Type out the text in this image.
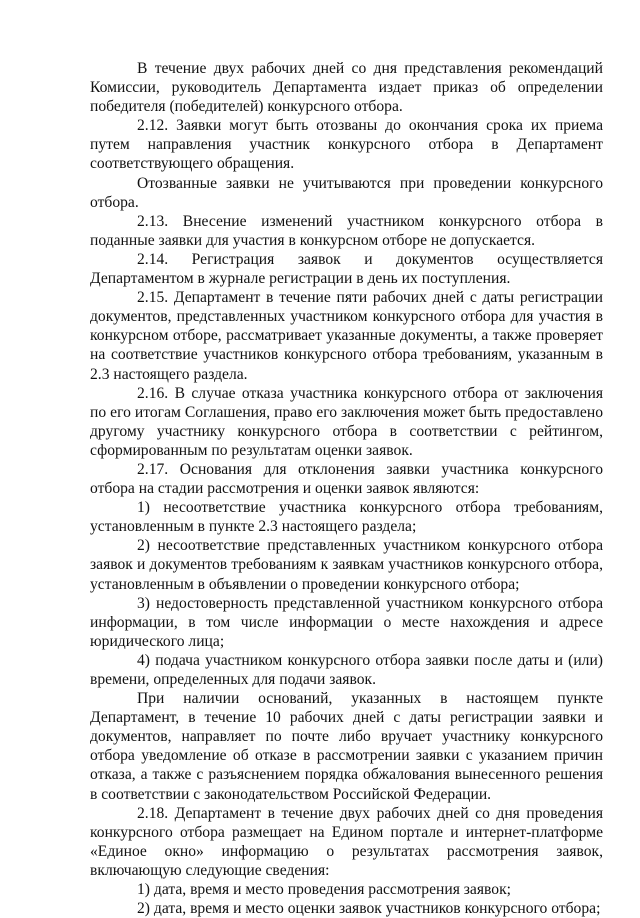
В течение двух рабочих дней со дня представления рекомендаций Комиссии, руководитель Департамента издает приказ об определении победителя (победителей) конкурсного отбора.

2.12. Заявки могут быть отозваны до окончания срока их приема путем направления участник конкурсного отбора в Департамент соответствующего обращения.

Отозванные заявки не учитываются при проведении конкурсного отбора.

2.13. Внесение изменений участником конкурсного отбора в поданные заявки для участия в конкурсном отборе не допускается.

2.14. Регистрация заявок и документов осуществляется Департаментом в журнале регистрации в день их поступления.

2.15. Департамент в течение пяти рабочих дней с даты регистрации документов, представленных участником конкурсного отбора для участия в конкурсном отборе, рассматривает указанные документы, а также проверяет на соответствие участников конкурсного отбора требованиям, указанным в 2.3 настоящего раздела.

2.16. В случае отказа участника конкурсного отбора от заключения по его итогам Соглашения, право его заключения может быть предоставлено другому участнику конкурсного отбора в соответствии с рейтингом, сформированным по результатам оценки заявок.

2.17. Основания для отклонения заявки участника конкурсного отбора на стадии рассмотрения и оценки заявок являются:

1) несоответствие участника конкурсного отбора требованиям, установленным в пункте 2.3 настоящего раздела;

2) несоответствие представленных участником конкурсного отбора заявок и документов требованиям к заявкам участников конкурсного отбора, установленным в объявлении о проведении конкурсного отбора;

3) недостоверность представленной участником конкурсного отбора информации, в том числе информации о месте нахождения и адресе юридического лица;

4) подача участником конкурсного отбора заявки после даты и (или) времени, определенных для подачи заявок.

При наличии оснований, указанных в настоящем пункте Департамент, в течение 10 рабочих дней с даты регистрации заявки и документов, направляет по почте либо вручает участнику конкурсного отбора уведомление об отказе в рассмотрении заявки с указанием причин отказа, а также с разъяснением порядка обжалования вынесенного решения в соответствии с законодательством Российской Федерации.

2.18. Департамент в течение двух рабочих дней со дня проведения конкурсного отбора размещает на Едином портале и интернет-платформе «Единое окно» информацию о результатах рассмотрения заявок, включающую следующие сведения:

1) дата, время и место проведения рассмотрения заявок;

2) дата, время и место оценки заявок участников конкурсного отбора;
